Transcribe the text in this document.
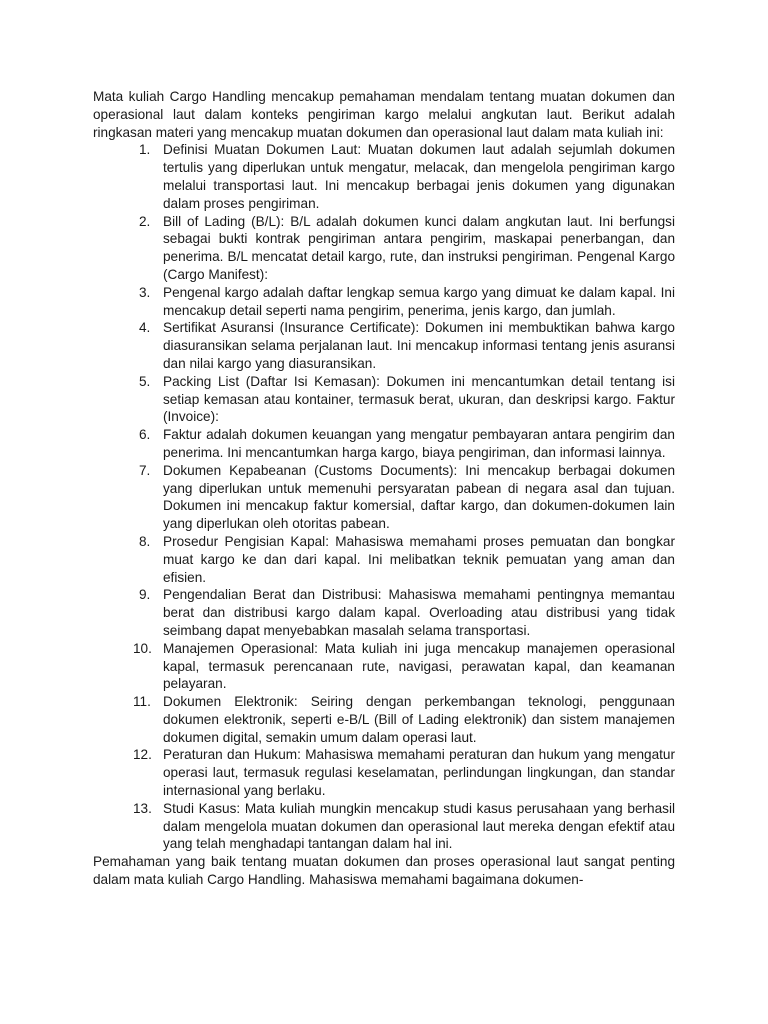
Mata kuliah Cargo Handling mencakup pemahaman mendalam tentang muatan dokumen dan operasional laut dalam konteks pengiriman kargo melalui angkutan laut. Berikut adalah ringkasan materi yang mencakup muatan dokumen dan operasional laut dalam mata kuliah ini:

1. Definisi Muatan Dokumen Laut: Muatan dokumen laut adalah sejumlah dokumen tertulis yang diperlukan untuk mengatur, melacak, dan mengelola pengiriman kargo melalui transportasi laut. Ini mencakup berbagai jenis dokumen yang digunakan dalam proses pengiriman.
2. Bill of Lading (B/L): B/L adalah dokumen kunci dalam angkutan laut. Ini berfungsi sebagai bukti kontrak pengiriman antara pengirim, maskapai penerbangan, dan penerima. B/L mencatat detail kargo, rute, dan instruksi pengiriman. Pengenal Kargo (Cargo Manifest):
3. Pengenal kargo adalah daftar lengkap semua kargo yang dimuat ke dalam kapal. Ini mencakup detail seperti nama pengirim, penerima, jenis kargo, dan jumlah.
4. Sertifikat Asuransi (Insurance Certificate): Dokumen ini membuktikan bahwa kargo diasuransikan selama perjalanan laut. Ini mencakup informasi tentang jenis asuransi dan nilai kargo yang diasuransikan.
5. Packing List (Daftar Isi Kemasan): Dokumen ini mencantumkan detail tentang isi setiap kemasan atau kontainer, termasuk berat, ukuran, dan deskripsi kargo. Faktur (Invoice):
6. Faktur adalah dokumen keuangan yang mengatur pembayaran antara pengirim dan penerima. Ini mencantumkan harga kargo, biaya pengiriman, dan informasi lainnya.
7. Dokumen Kepabeanan (Customs Documents): Ini mencakup berbagai dokumen yang diperlukan untuk memenuhi persyaratan pabean di negara asal dan tujuan. Dokumen ini mencakup faktur komersial, daftar kargo, dan dokumen-dokumen lain yang diperlukan oleh otoritas pabean.
8. Prosedur Pengisian Kapal: Mahasiswa memahami proses pemuatan dan bongkar muat kargo ke dan dari kapal. Ini melibatkan teknik pemuatan yang aman dan efisien.
9. Pengendalian Berat dan Distribusi: Mahasiswa memahami pentingnya memantau berat dan distribusi kargo dalam kapal. Overloading atau distribusi yang tidak seimbang dapat menyebabkan masalah selama transportasi.
10. Manajemen Operasional: Mata kuliah ini juga mencakup manajemen operasional kapal, termasuk perencanaan rute, navigasi, perawatan kapal, dan keamanan pelayaran.
11. Dokumen Elektronik: Seiring dengan perkembangan teknologi, penggunaan dokumen elektronik, seperti e-B/L (Bill of Lading elektronik) dan sistem manajemen dokumen digital, semakin umum dalam operasi laut.
12. Peraturan dan Hukum: Mahasiswa memahami peraturan dan hukum yang mengatur operasi laut, termasuk regulasi keselamatan, perlindungan lingkungan, dan standar internasional yang berlaku.
13. Studi Kasus: Mata kuliah mungkin mencakup studi kasus perusahaan yang berhasil dalam mengelola muatan dokumen dan operasional laut mereka dengan efektif atau yang telah menghadapi tantangan dalam hal ini.

Pemahaman yang baik tentang muatan dokumen dan proses operasional laut sangat penting dalam mata kuliah Cargo Handling. Mahasiswa memahami bagaimana dokumen-
